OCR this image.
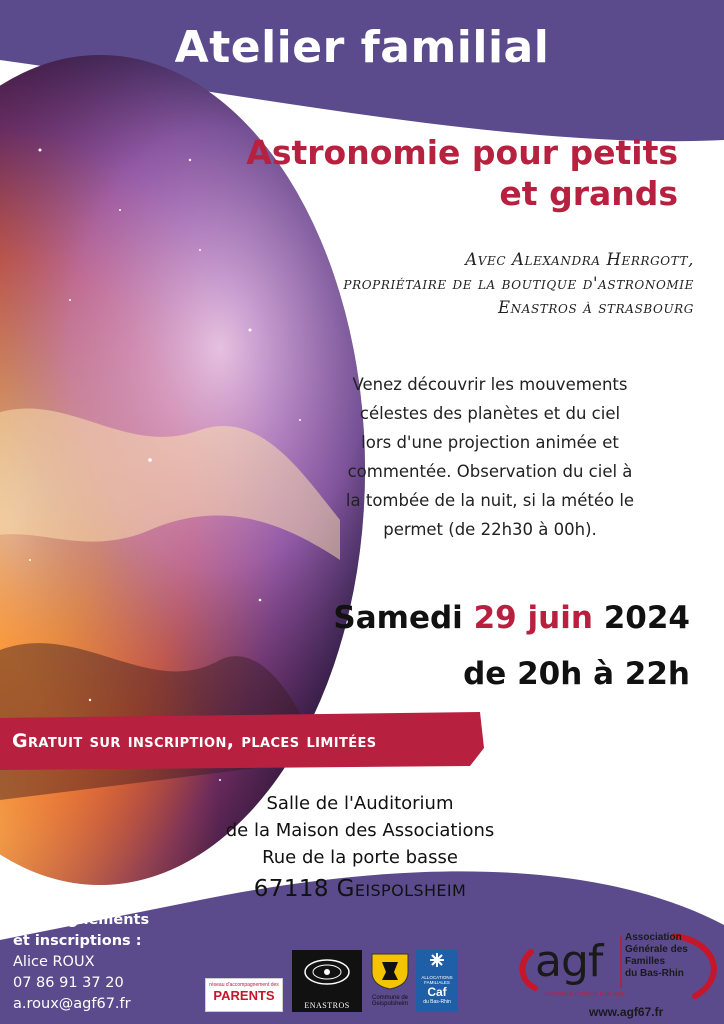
Atelier familial
Astronomie pour petits
et grands
Avec Alexandra Herrgott,
propriétaire de la boutique d'astronomie
Enastros à strasbourg
Venez découvrir les mouvements
célestes des planètes et du ciel
lors d'une projection animée et
commentée. Observation du ciel à
la tombée de la nuit, si la météo le
permet (de 22h30 à 00h).
Samedi 29 juin 2024
de 20h à 22h
Gratuit sur inscription, places limitées
Salle de l'Auditorium
de la Maison des Associations
Rue de la porte basse
67118 Geispolsheim
Renseignements
et inscriptions :
Alice ROUX
07 86 91 37 20
a.roux@agf67.fr
réseau d'accompagnement des
PARENTS
ENASTROS
Commune de
Geispolsheim
ALLOCATIONS
FAMILIALES
Caf
du Bas-Rhin
agf Association
Générale des
Familles
du Bas-Rhin
RECONNUE D'UTILITÉ PUBLIQUE
www.agf67.fr
